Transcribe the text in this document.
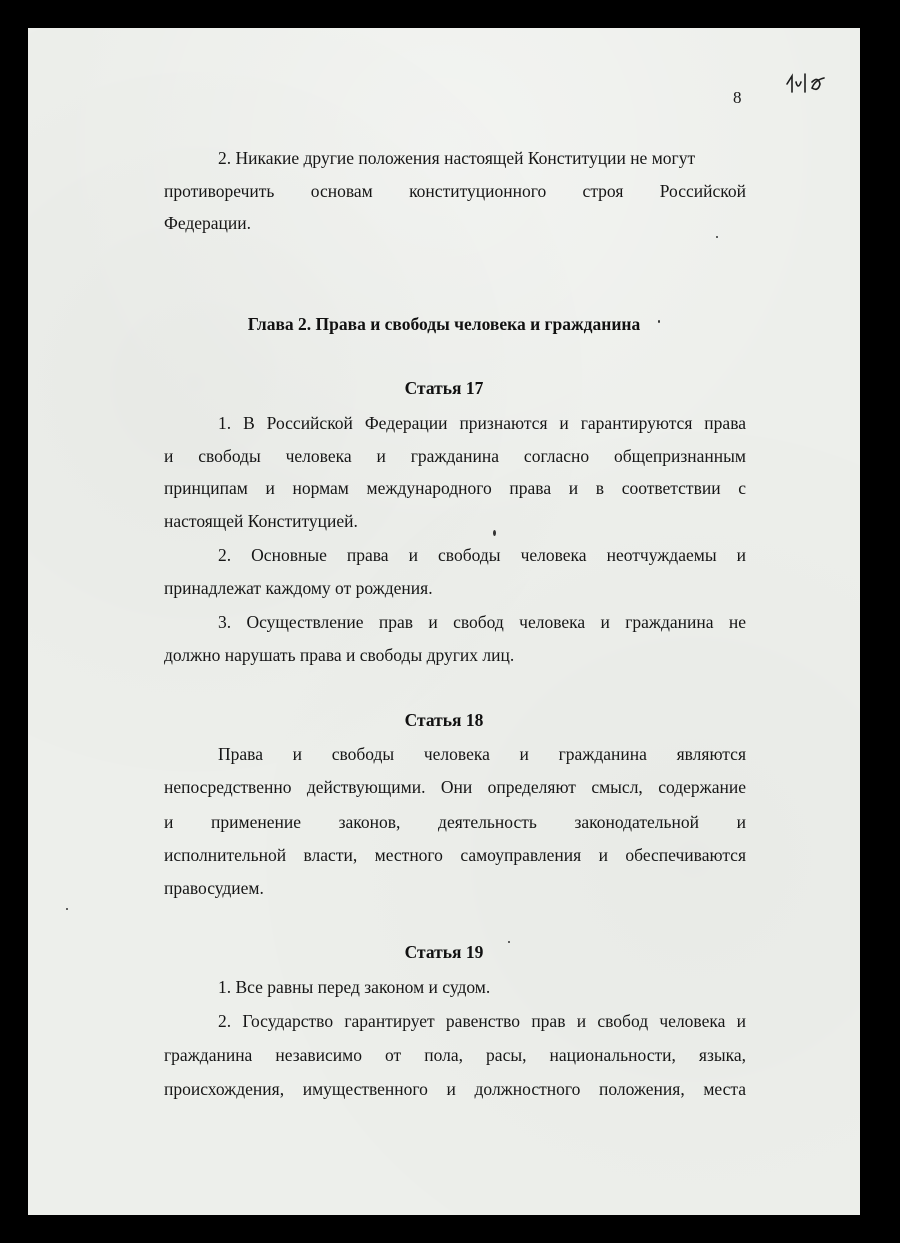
8
2. Никакие другие положения настоящей Конституции не могут
противоречить основам конституционного строя Российской
Федерации.
Глава 2. Права и свободы человека и гражданина
Статья 17
1. В Российской Федерации признаются и гарантируются права
и свободы человека и гражданина согласно общепризнанным
принципам и нормам международного права и в соответствии с
настоящей Конституцией.
2. Основные права и свободы человека неотчуждаемы и
принадлежат каждому от рождения.
3. Осуществление прав и свобод человека и гражданина не
должно нарушать права и свободы других лиц.
Статья 18
Права и свободы человека и гражданина являются
непосредственно действующими. Они определяют смысл, содержание
и применение законов, деятельность законодательной и
исполнительной власти, местного самоуправления и обеспечиваются
правосудием.
Статья 19
1. Все равны перед законом и судом.
2. Государство гарантирует равенство прав и свобод человека и
гражданина независимо от пола, расы, национальности, языка,
происхождения, имущественного и должностного положения, места
